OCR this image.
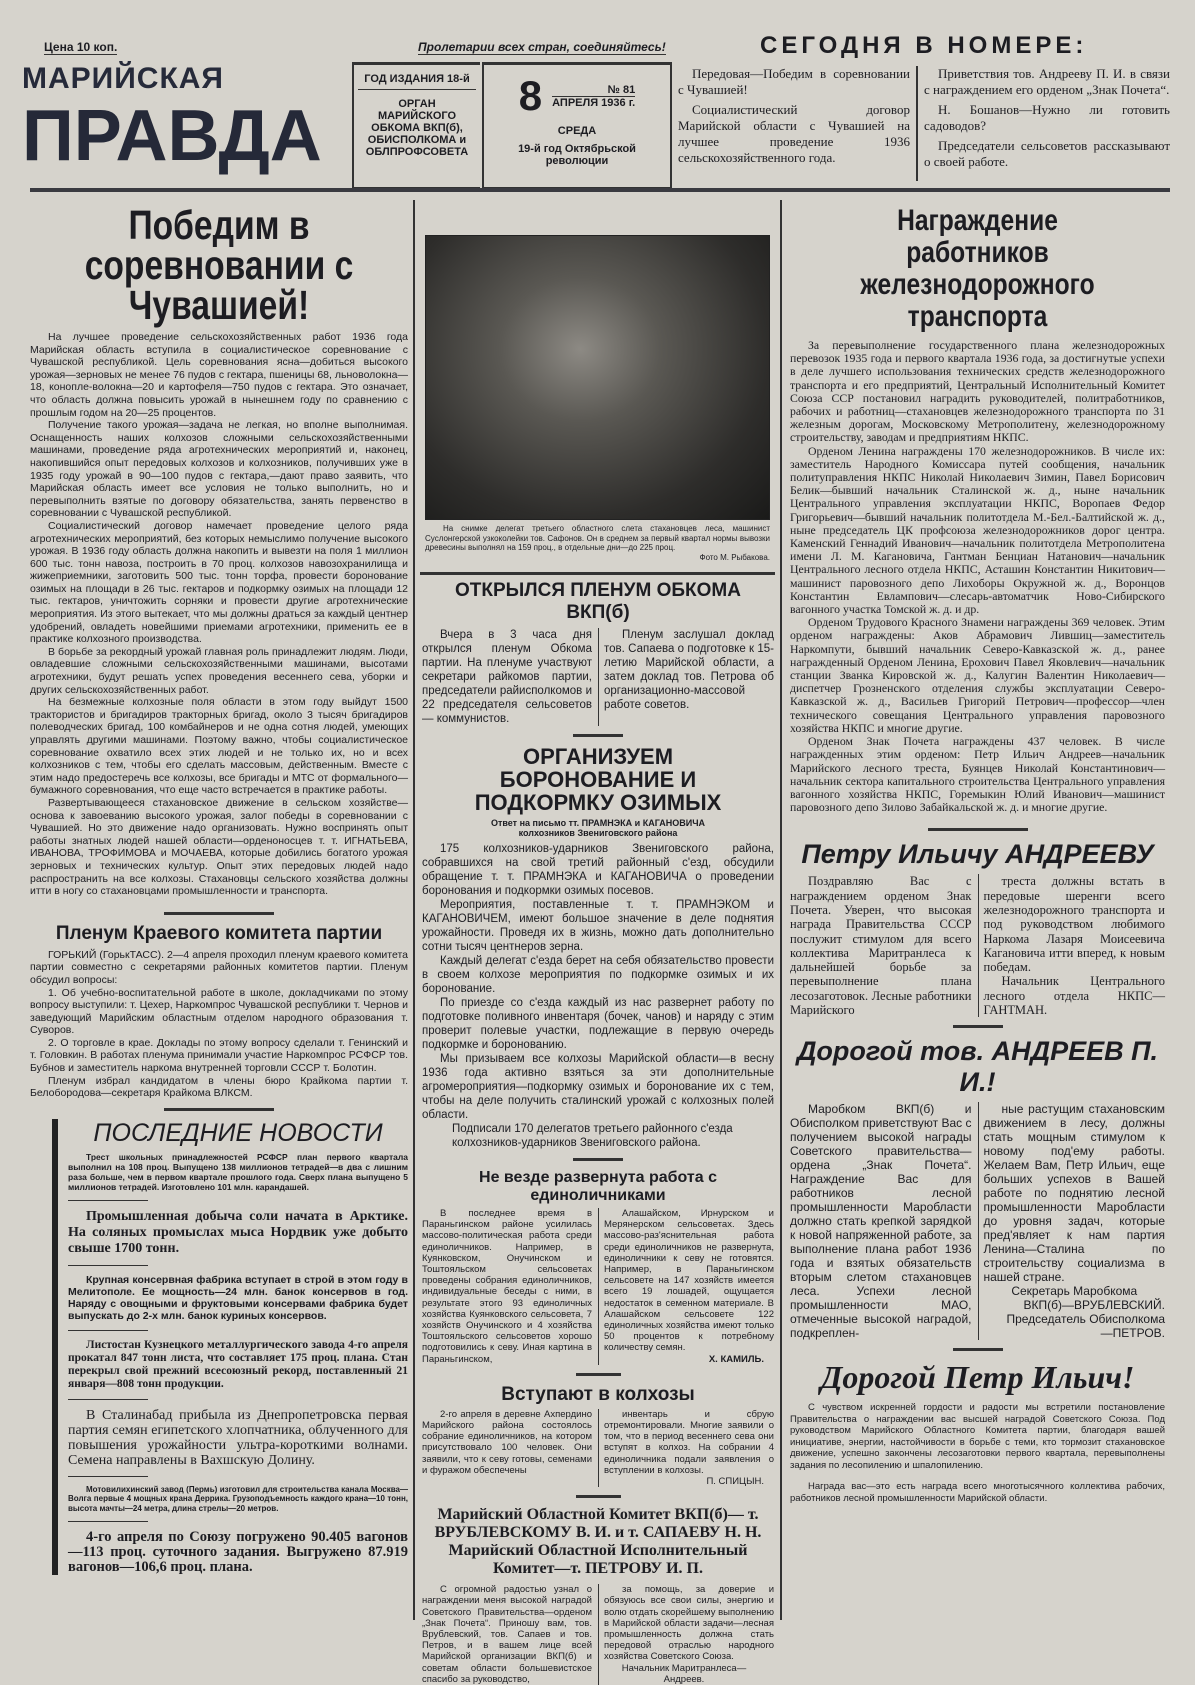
Цена 10 коп.
МАРИЙСКАЯ
ПРАВДА
Пролетарии всех стран, соединяйтесь!
ГОД ИЗДАНИЯ 18-й
ОРГАН
МАРИЙСКОГО
ОБКОМА ВКП(б),
ОБИСПОЛКОМА и
ОБЛПРОФСОВЕТА
8	№ 81
АПРЕЛЯ 1936 г.
СРЕДА
19-й год Октябрьской революции
СЕГОДНЯ В НОМЕРЕ:

Передовая—Победим в соревновании с Чувашией!

Социалистический договор Марийской области с Чувашией на лучшее проведение 1936 сельскохозяйственного года.

Приветствия тов. Андрееву П. И. в связи с награждением его орденом „Знак Почета“.

Н. Бошанов—Нужно ли готовить садоводов?

Председатели сельсоветов рассказывают о своей работе.

Победим в соревновании с Чувашией!

На лучшее проведение сельскохозяйственных работ 1936 года Марийская область вступила в социалистическое соревнование с Чувашской республикой. Цель соревнования ясна—добиться высокого урожая—зерновых не менее 76 пудов с гектара, пшеницы 68, льноволокна—18, конопле-волокна—20 и картофеля—750 пудов с гектара. Это означает, что область должна повысить урожай в нынешнем году по сравнению с прошлым годом на 20—25 процентов.

Получение такого урожая—задача не легкая, но вполне выполнимая. Оснащенность наших колхозов сложными сельскохозяйственными машинами, проведение ряда агротехнических мероприятий и, наконец, накопившийся опыт передовых колхозов и колхозников, получивших уже в 1935 году урожай в 90—100 пудов с гектара,—дают право заявить, что Марийская область имеет все условия не только выполнить, но и перевыполнить взятые по договору обязательства, занять первенство в соревновании с Чувашской республикой.

Социалистический договор намечает проведение целого ряда агротехнических мероприятий, без которых немыслимо получение высокого урожая. В 1936 году область должна накопить и вывезти на поля 1 миллион 600 тыс. тонн навоза, построить в 70 проц. колхозов навозохранилища и жижеприемники, заготовить 500 тыс. тонн торфа, провести боронование озимых на площади в 26 тыс. гектаров и подкормку озимых на площади 12 тыс. гектаров, уничтожить сорняки и провести другие агротехнические мероприятия. Из этого вытекает, что мы должны драться за каждый центнер удобрений, овладеть новейшими приемами агротехники, применить ее в практике колхозного производства.

В борьбе за рекордный урожай главная роль принадлежит людям. Люди, овладевшие сложными сельскохозяйственными машинами, высотами агротехники, будут решать успех проведения весеннего сева, уборки и других сельскохозяйственных работ.

На безмежные колхозные поля области в этом году выйдут 1500 трактористов и бригадиров тракторных бригад, около 3 тысяч бригадиров полеводческих бригад, 100 комбайнеров и не одна сотня людей, умеющих управлять другими машинами. Поэтому важно, чтобы социалистическое соревнование охватило всех этих людей и не только их, но и всех колхозников с тем, чтобы его сделать массовым, действенным. Вместе с этим надо предостеречь все колхозы, все бригады и МТС от формального—бумажного соревнования, что еще часто встречается в практике работы.

Развертывающееся стахановское движение в сельском хозяйстве—основа к завоеванию высокого урожая, залог победы в соревновании с Чувашией. Но это движение надо организовать. Нужно воспринять опыт работы знатных людей нашей области—орденоносцев т. т. ИГНАТЬЕВА, ИВАНОВА, ТРОФИМОВА и МОЧАЕВА, которые добились богатого урожая зерновых и технических культур. Опыт этих передовых людей надо распространить на все колхозы. Стахановцы сельского хозяйства должны итти в ногу со стахановцами промышленности и транспорта.

Пленум Краевого комитета партии

ГОРЬКИЙ (ГорькТАСС). 2—4 апреля проходил пленум краевого комитета партии совместно с секретарями районных комитетов партии. Пленум обсудил вопросы:

1. Об учебно-воспитательной работе в школе, докладчиками по этому вопросу выступили: т. Цехер, Наркомпрос Чувашской республики т. Чернов и заведующий Марийским областным отделом народного образования т. Суворов.

2. О торговле в крае. Доклады по этому вопросу сделали т. Генинский и т. Головкин. В работах пленума принимали участие Наркомпрос РСФСР тов. Бубнов и заместитель наркома внутренней торговли СССР т. Болотин.

Пленум избрал кандидатом в члены бюро Крайкома партии т. Белобородова—секретаря Крайкома ВЛКСМ.

ПОСЛЕДНИЕ НОВОСТИ

Трест школьных принадлежностей РСФСР план первого квартала выполнил на 108 проц. Выпущено 138 миллионов тетрадей—в два с лишним раза больше, чем в первом квартале прошлого года. Сверх плана выпущено 5 миллионов тетрадей. Изготовлено 101 млн. карандашей.

Промышленная добыча соли начата в Арктике. На соляных промыслах мыса Нордвик уже добыто свыше 1700 тонн.

Крупная консервная фабрика вступает в строй в этом году в Мелитополе. Ее мощность—24 млн. банок консервов в год. Наряду с овощными и фруктовыми консервами фабрика будет выпускать до 2-х млн. банок куриных консервов.

Листостан Кузнецкого металлургического завода 4-го апреля прокатал 847 тонн листа, что составляет 175 проц. плана. Стан перекрыл свой прежний всесоюзный рекорд, поставленный 21 января—808 тонн продукции.

В Сталинабад прибыла из Днепропетровска первая партия семян египетского хлопчатника, облученного для повышения урожайности ультра-короткими волнами. Семена направлены в Вахшскую Долину.

Мотовилихинский завод (Пермь) изготовил для строительства канала Москва—Волга первые 4 мощных крана Деррика. Грузоподъемность каждого крана—10 тонн, высота мачты—24 метра, длина стрелы—20 метров.

4-го апреля по Союзу погружено 90.405 вагонов—113 проц. суточного задания. Выгружено 87.919 вагонов—106,6 проц. плана.

На снимке делегат третьего областного слета стахановцев леса, машинист Суслонгерской узкоколейки тов. Сафонов. Он в среднем за первый квартал нормы вывозки древесины выполнял на 159 проц., в отдельные дни—до 225 проц.

Фото М. Рыбакова.
ОТКРЫЛСЯ ПЛЕНУМ ОБКОМА ВКП(б)

Вчера в 3 часа дня открылся пленум Обкома партии. На пленуме участвуют секретари райкомов партии, председатели райисполкомов и 22 председателя сельсоветов — коммунистов.

Пленум заслушал доклад тов. Сапаева о подготовке к 15-летию Марийской области, а затем доклад тов. Петрова об организационно-массовой работе советов.

ОРГАНИЗУЕМ БОРОНОВАНИЕ И ПОДКОРМКУ ОЗИМЫХ
Ответ на письмо тт. ПРАМНЭКА и КАГАНОВИЧА колхозников Звениговского района

175 колхозников-ударников Звениговского района, собравшихся на свой третий районный с'езд, обсудили обращение т. т. ПРАМНЭКА и КАГАНОВИЧА о проведении боронования и подкормки озимых посевов.

Мероприятия, поставленные т. т. ПРАМНЭКОМ и КАГАНОВИЧЕМ, имеют большое значение в деле поднятия урожайности. Проведя их в жизнь, можно дать дополнительно сотни тысяч центнеров зерна.

Каждый делегат с'езда берет на себя обязательство провести в своем колхозе мероприятия по подкормке озимых и их боронование.

По приезде со с'езда каждый из нас развернет работу по подготовке поливного инвентаря (бочек, чанов) и наряду с этим проверит полевые участки, подлежащие в первую очередь подкормке и боронованию.

Мы призываем все колхозы Марийской области—в весну 1936 года активно взяться за эти дополнительные агромероприятия—подкормку озимых и боронование их с тем, чтобы на деле получить сталинский урожай с колхозных полей области.

Подписали 170 делегатов третьего районного с'езда колхозников-ударников Звениговского района.

Не везде развернута работа с единоличниками

В последнее время в Параньгинском районе усилилась массово-политическая работа среди единоличников. Например, в Куянковском, Онучинском и Тоштояльском сельсоветах проведены собрания единоличников, индивидуальные беседы с ними, в результате этого 93 единоличных хозяйства Куянковского сельсовета, 7 хозяйств Онучинского и 4 хозяйства Тоштояльского сельсоветов хорошо подготовились к севу. Иная картина в Параньгинском,

Алашайском, Ирнурском и Мерянерском сельсоветах. Здесь массово-раз'яснительная работа среди единоличников не развернута, единоличники к севу не готовятся. Например, в Параньгинском сельсовете на 147 хозяйств имеется всего 19 лошадей, ощущается недостаток в семенном материале. В Алашайском сельсовете 122 единоличных хозяйства имеют только 50 процентов к потребному количеству семян.

Х. КАМИЛЬ.
Вступают в колхозы

2-го апреля в деревне Ахпердино Марийского района состоялось собрание единоличников, на котором присутствовало 100 человек. Они заявили, что к севу готовы, семенами и фуражом обеспечены

инвентарь и сбрую отремонтировали. Многие заявили о том, что в период весеннего сева они вступят в колхоз. На собрании 4 единоличника подали заявления о вступлении в колхозы.

П. СПИЦЫН.
Марийский Областной Комитет ВКП(б)— т. ВРУБЛЕВСКОМУ В. И. и т. САПАЕВУ Н. Н. Марийский Областной Исполнительный Комитет—т. ПЕТРОВУ И. П.

С огромной радостью узнал о награждении меня высокой наградой Советского Правительства—орденом „Знак Почета“. Приношу вам, тов. Врублевский, тов. Сапаев и тов. Петров, и в вашем лице всей Марийской организации ВКП(б) и советам области большевистское спасибо за руководство,

за помощь, за доверие и обязуюсь все свои силы, энергию и волю отдать скорейшему выполнению в Марийской области задачи—лесная промышленность должна стать передовой отраслью народного хозяйства Советского Союза.

Начальник Маритранлеса— Андреев.
Награждение работников железнодорожного транспорта

За перевыполнение государственного плана железнодорожных перевозок 1935 года и первого квартала 1936 года, за достигнутые успехи в деле лучшего использования технических средств железнодорожного транспорта и его предприятий, Центральный Исполнительный Комитет Союза ССР постановил наградить руководителей, политработников, рабочих и работниц—стахановцев железнодорожного транспорта по 31 железным дорогам, Московскому Метрополитену, железнодорожному строительству, заводам и предприятиям НКПС.

Орденом Ленина награждены 170 железнодорожников. В числе их: заместитель Народного Комиссара путей сообщения, начальник политуправления НКПС Николай Николаевич Зимин, Павел Борисович Белик—бывший начальник Сталинской ж. д., ныне начальник Центрального управления эксплуатации НКПС, Воропаев Федор Григорьевич—бывший начальник политотдела М.-Бел.-Балтийской ж. д., ныне председатель ЦК профсоюза железнодорожников дорог центра. Каменский Геннадий Иванович—начальник политотдела Метрополитена имени Л. М. Кагановича, Гантман Бенциан Натанович—начальник Центрального лесного отдела НКПС, Асташин Константин Никитович—машинист паровозного депо Лихоборы Окружной ж. д., Воронцов Константин Евлампович—слесарь-автоматчик Ново-Сибирского вагонного участка Томской ж. д. и др.

Орденом Трудового Красного Знамени награждены 369 человек. Этим орденом награждены: Аков Абрамович Лившиц—заместитель Наркомпути, бывший начальник Северо-Кавказской ж. д., ранее награжденный Орденом Ленина, Ерохович Павел Яковлевич—начальник станции Званка Кировской ж. д., Калугин Валентин Николаевич—диспетчер Грозненского отделения службы эксплуатации Северо-Кавказской ж. д., Васильев Григорий Петрович—профессор—член технического совещания Центрального управления паровозного хозяйства НКПС и многие другие.

Орденом Знак Почета награждены 437 человек. В числе награжденных этим орденом: Петр Ильич Андреев—начальник Марийского лесного треста, Буянцев Николай Константинович—начальник сектора капитального строительства Центрального управления вагонного хозяйства НКПС, Горемыкин Юлий Иванович—машинист паровозного депо Зилово Забайкальской ж. д. и многие другие.

Петру Ильичу АНДРЕЕВУ

Поздравляю Вас с награждением орденом Знак Почета. Уверен, что высокая награда Правительства СССР послужит стимулом для всего коллектива Маритранлеса к дальнейшей борьбе за перевыполнение плана лесозаготовок. Лесные работники Марийского

треста должны встать в передовые шеренги всего железнодорожного транспорта и под руководством любимого Наркома Лазаря Моисеевича Кагановича итти вперед, к новым победам.

Начальник Центрального лесного отдела НКПС—ГАНТМАН.

Дорогой тов. АНДРЕЕВ П. И.!

Маробком ВКП(б) и Обисполком приветствуют Вас с получением высокой награды Советского правительства—ордена „Знак Почета“. Награждение Вас для работников лесной промышленности Маробласти должно стать крепкой зарядкой к новой напряженной работе, за выполнение плана работ 1936 года и взятых обязательств вторым слетом стахановцев леса. Успехи лесной промышленности МАО, отмеченные высокой наградой, подкреплен-

ные растущим стахановским движением в лесу, должны стать мощным стимулом к новому под'ему работы. Желаем Вам, Петр Ильич, еще больших успехов в Вашей работе по поднятию лесной промышленности Маробласти до уровня задач, которые пред'являет к нам партия Ленина—Сталина по строительству социализма в нашей стране.

Секретарь Маробкома
ВКП(б)—ВРУБЛЕВСКИЙ.
Председатель Обисполкома
—ПЕТРОВ.
Дорогой Петр Ильич!

С чувством искренней гордости и радости мы встретили постановление Правительства о награждении вас высшей наградой Советского Союза. Под руководством Марийского Областного Комитета партии, благодаря вашей инициативе, энергии, настойчивости в борьбе с теми, кто тормозит стахановское движение, успешно закончены лесозаготовки первого квартала, перевыполнены задания по лесопилению и шпалопилению.

Награда вас—это есть награда всего многотысячного коллектива рабочих, работников лесной промышленности Марийской области.
